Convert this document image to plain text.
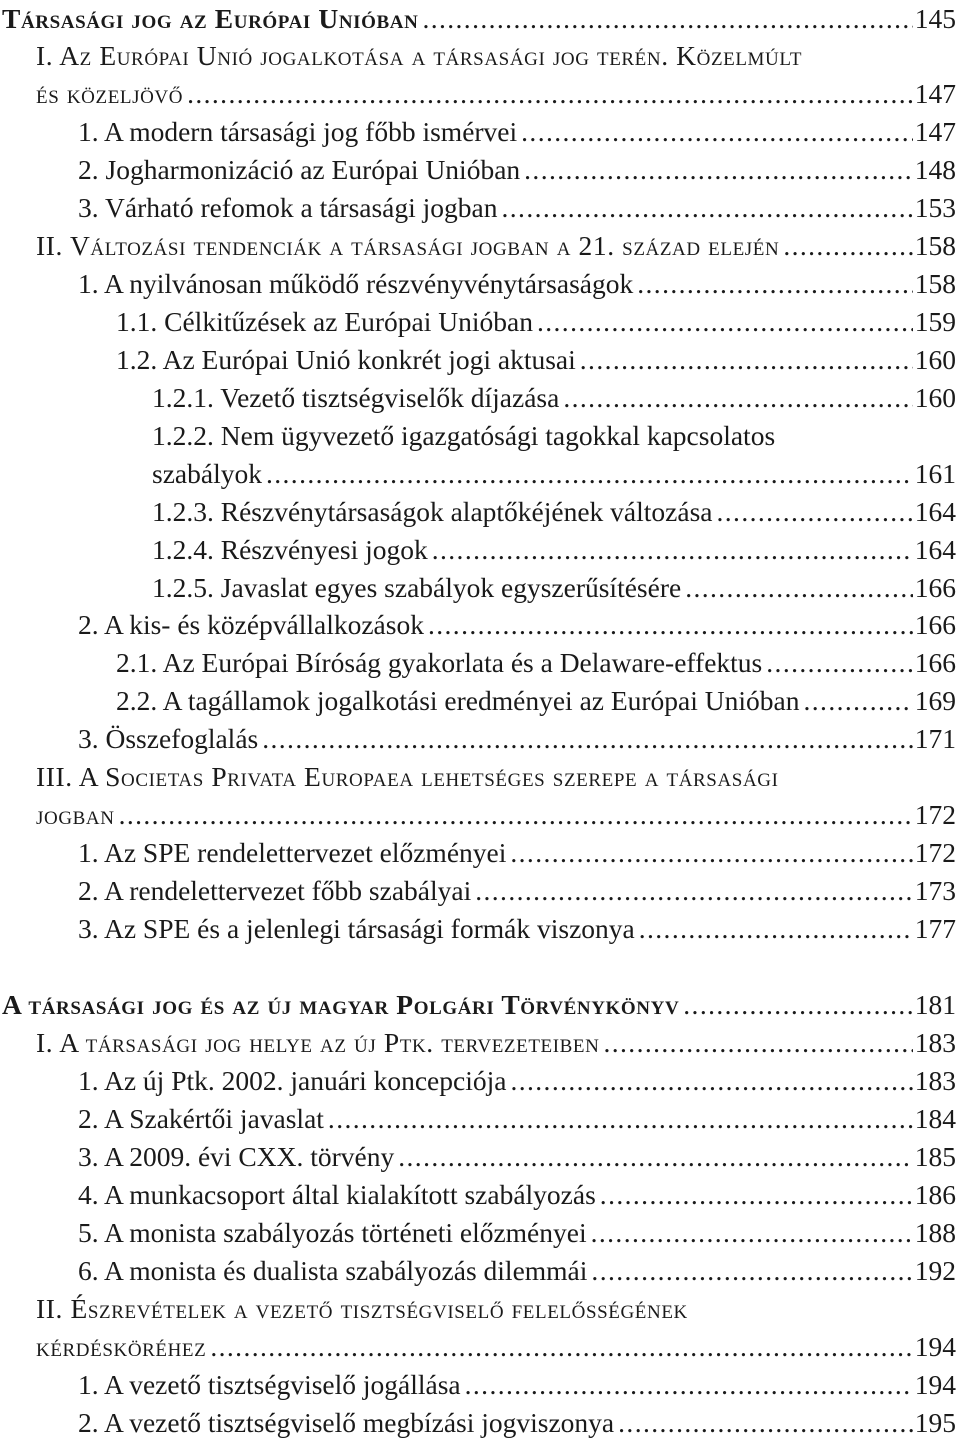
Társasági jog az Európai Unióban .....	145
I. Az Európai Unió jogalkotása a társasági jog terén. Közelmúlt
és közeljövő .....	147
1. A modern társasági jog főbb ismérvei .....	147
2. Jogharmonizáció az Európai Unióban .....	148
3. Várható refomok a társasági jogban .....	153
II. Változási tendenciák a társasági jogban a 21. század elején .....	158
1. A nyilvánosan működő részvényvénytársaságok .....	158
1.1. Célkitűzések az Európai Unióban .....	159
1.2. Az Európai Unió konkrét jogi aktusai .....	160
1.2.1. Vezető tisztségviselők díjazása .....	160
1.2.2. Nem ügyvezető igazgatósági tagokkal kapcsolatos
szabályok .....	161
1.2.3. Részvénytársaságok alaptőkéjének változása .....	164
1.2.4. Részvényesi jogok .....	164
1.2.5. Javaslat egyes szabályok egyszerűsítésére .....	166
2. A kis- és középvállalkozások .....	166
2.1. Az Európai Bíróság gyakorlata és a Delaware-effektus .....	166
2.2. A tagállamok jogalkotási eredményei az Európai Unióban .....	169
3. Összefoglalás .....	171
III. A Societas Privata Europaea lehetséges szerepe a társasági
jogban .....	172
1. Az SPE rendelettervezet előzményei .....	172
2. A rendelettervezet főbb szabályai .....	173
3. Az SPE és a jelenlegi társasági formák viszonya .....	177
A társasági jog és az új magyar Polgári Törvénykönyv .....	181
I. A társasági jog helye az új Ptk. tervezeteiben .....	183
1. Az új Ptk. 2002. januári koncepciója .....	183
2. A Szakértői javaslat .....	184
3. A 2009. évi CXX. törvény .....	185
4. A munkacsoport által kialakított szabályozás .....	186
5. A monista szabályozás történeti előzményei .....	188
6. A monista és dualista szabályozás dilemmái .....	192
II. Észrevételek a vezető tisztségviselő felelősségének
kérdésköréhez .....	194
1. A vezető tisztségviselő jogállása .....	194
2. A vezető tisztségviselő megbízási jogviszonya .....	195
